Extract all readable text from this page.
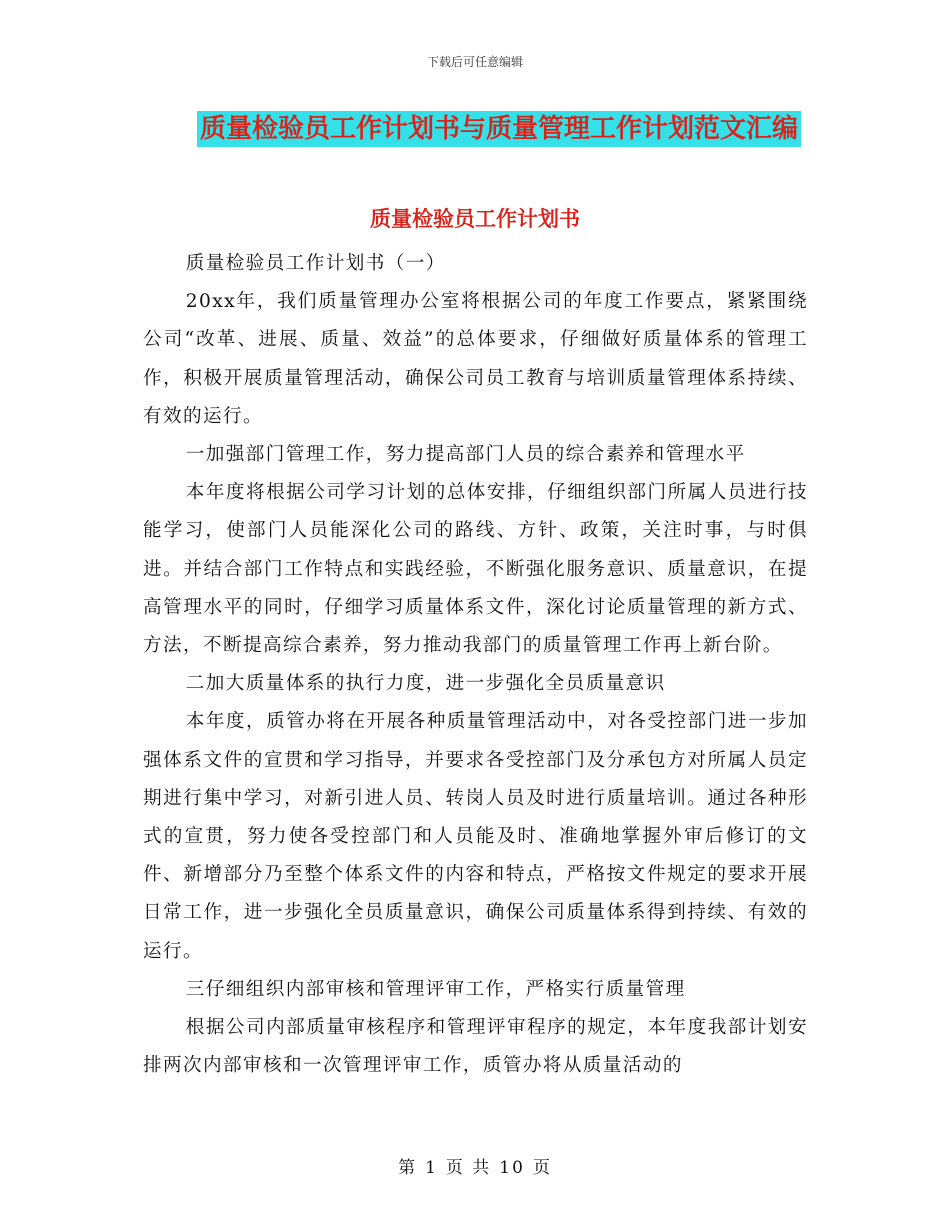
下载后可任意编辑
质量检验员工作计划书与质量管理工作计划范文汇编
质量检验员工作计划书

质量检验员工作计划书（一）

20xx年，我们质量管理办公室将根据公司的年度工作要点，紧紧围绕公司“改革、进展、质量、效益”的总体要求，仔细做好质量体系的管理工作，积极开展质量管理活动，确保公司员工教育与培训质量管理体系持续、有效的运行。

一加强部门管理工作，努力提高部门人员的综合素养和管理水平

本年度将根据公司学习计划的总体安排，仔细组织部门所属人员进行技能学习，使部门人员能深化公司的路线、方针、政策，关注时事，与时俱进。并结合部门工作特点和实践经验，不断强化服务意识、质量意识，在提高管理水平的同时，仔细学习质量体系文件，深化讨论质量管理的新方式、方法，不断提高综合素养，努力推动我部门的质量管理工作再上新台阶。

二加大质量体系的执行力度，进一步强化全员质量意识

本年度，质管办将在开展各种质量管理活动中，对各受控部门进一步加强体系文件的宣贯和学习指导，并要求各受控部门及分承包方对所属人员定期进行集中学习，对新引进人员、转岗人员及时进行质量培训。通过各种形式的宣贯，努力使各受控部门和人员能及时、准确地掌握外审后修订的文件、新增部分乃至整个体系文件的内容和特点，严格按文件规定的要求开展日常工作，进一步强化全员质量意识，确保公司质量体系得到持续、有效的运行。

三仔细组织内部审核和管理评审工作，严格实行质量管理

根据公司内部质量审核程序和管理评审程序的规定，本年度我部计划安排两次内部审核和一次管理评审工作，质管办将从质量活动的

第 1 页 共 10 页
